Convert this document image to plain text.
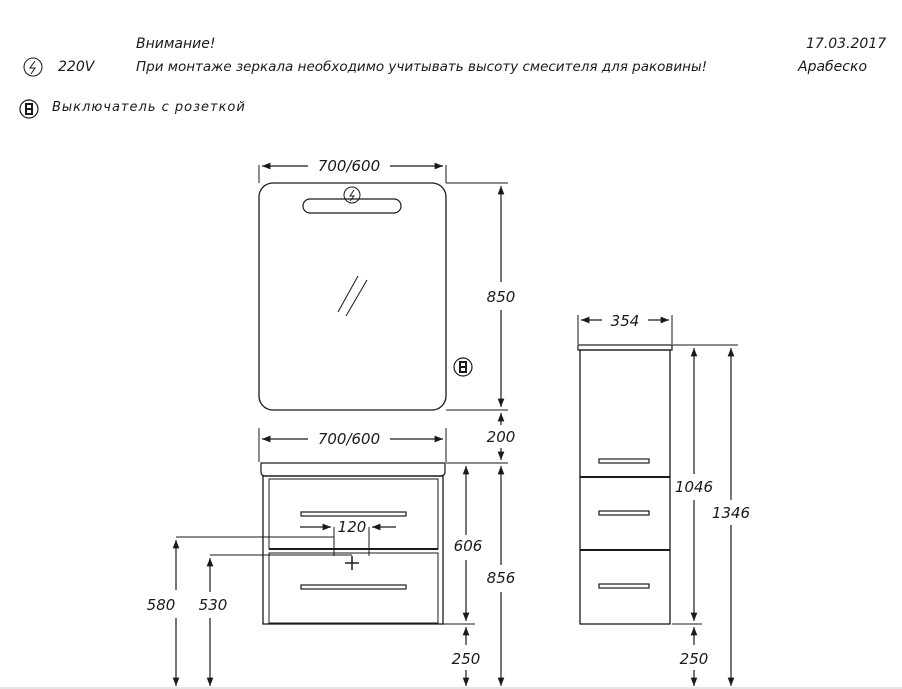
Внимание!	17.03.2017
220V	При монтаже зеркала необходимо учитывать высоту смесителя для раковины!	Арабеско
Выключатель с розеткой
700/600
850
200
700/600
120
580 530
606
856
250
354
1046
1346
250
